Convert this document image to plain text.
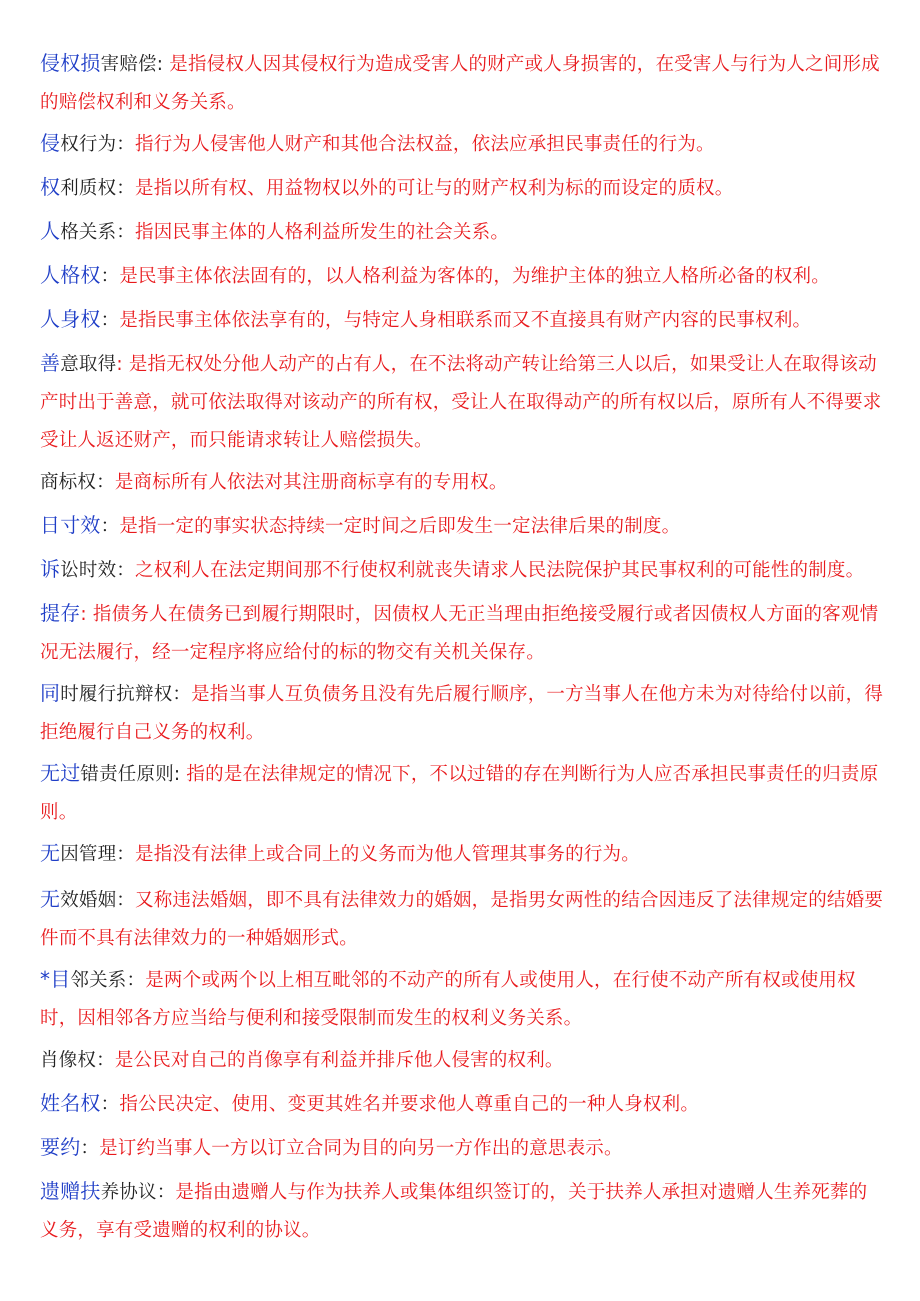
侵权损害赔偿: 是指侵权人因其侵权行为造成受害人的财产或人身损害的，在受害人与行为人之间形成的赔偿权利和义务关系。
侵权行为：指行为人侵害他人财产和其他合法权益，依法应承担民事责任的行为。
权利质权：是指以所有权、用益物权以外的可让与的财产权利为标的而设定的质权。
人格关系：指因民事主体的人格利益所发生的社会关系。
人格权：是民事主体依法固有的，以人格利益为客体的，为维护主体的独立人格所必备的权利。
人身权：是指民事主体依法享有的，与特定人身相联系而又不直接具有财产内容的民事权利。
善意取得: 是指无权处分他人动产的占有人，在不法将动产转让给第三人以后，如果受让人在取得该动产时出于善意，就可依法取得对该动产的所有权，受让人在取得动产的所有权以后，原所有人不得要求受让人返还财产，而只能请求转让人赔偿损失。
商标权：是商标所有人依法对其注册商标享有的专用权。
日寸效：是指一定的事实状态持续一定时间之后即发生一定法律后果的制度。
诉讼时效：之权利人在法定期间那不行使权利就丧失请求人民法院保护其民事权利的可能性的制度。
提存: 指债务人在债务已到履行期限时，因债权人无正当理由拒绝接受履行或者因债权人方面的客观情况无法履行，经一定程序将应给付的标的物交有关机关保存。
同时履行抗辩权：是指当事人互负债务且没有先后履行顺序，一方当事人在他方未为对待给付以前，得拒绝履行自己义务的权利。
无过错责任原则: 指的是在法律规定的情况下，不以过错的存在判断行为人应否承担民事责任的归责原则。
无因管理：是指没有法律上或合同上的义务而为他人管理其事务的行为。
无效婚姻：又称违法婚姻，即不具有法律效力的婚姻，是指男女两性的结合因违反了法律规定的结婚要件而不具有法律效力的一种婚姻形式。
*目邻关系：是两个或两个以上相互毗邻的不动产的所有人或使用人，在行使不动产所有权或使用权时，因相邻各方应当给与便利和接受限制而发生的权利义务关系。
肖像权：是公民对自己的肖像享有利益并排斥他人侵害的权利。
姓名权：指公民决定、使用、变更其姓名并要求他人尊重自己的一种人身权利。
要约：是订约当事人一方以订立合同为目的向另一方作出的意思表示。
遗赠扶养协议：是指由遗赠人与作为扶养人或集体组织签订的，关于扶养人承担对遗赠人生养死葬的义务，享有受遗赠的权利的协议。
